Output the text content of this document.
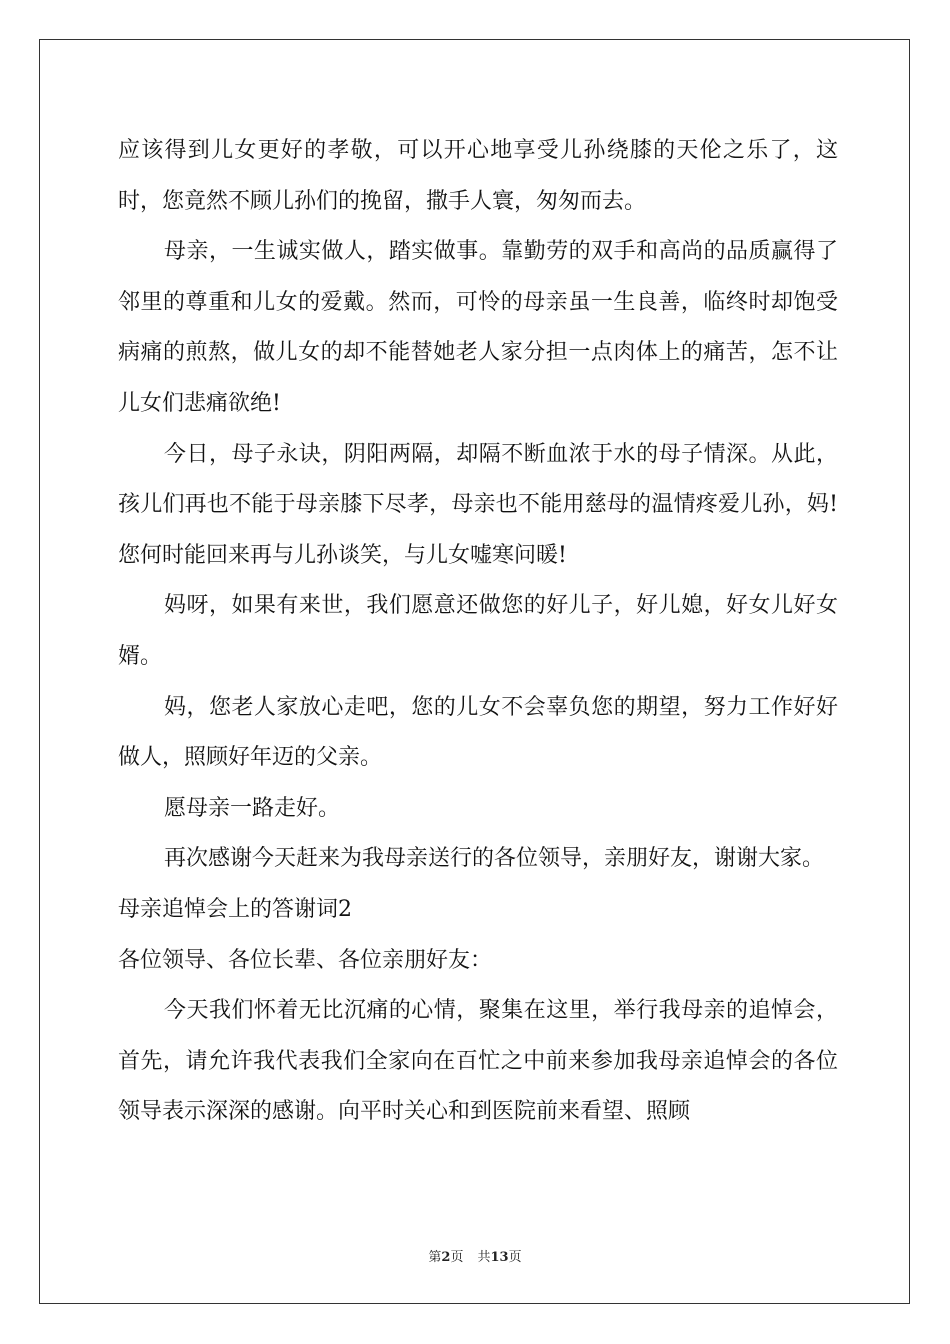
应该得到儿女更好的孝敬，可以开心地享受儿孙绕膝的天伦之乐了，这时，您竟然不顾儿孙们的挽留，撒手人寰，匆匆而去。

母亲，一生诚实做人，踏实做事。靠勤劳的双手和高尚的品质赢得了邻里的尊重和儿女的爱戴。然而，可怜的母亲虽一生良善，临终时却饱受病痛的煎熬，做儿女的却不能替她老人家分担一点肉体上的痛苦，怎不让儿女们悲痛欲绝!

今日，母子永诀，阴阳两隔，却隔不断血浓于水的母子情深。从此，孩儿们再也不能于母亲膝下尽孝，母亲也不能用慈母的温情疼爱儿孙，妈!您何时能回来再与儿孙谈笑，与儿女嘘寒问暖!

妈呀，如果有来世，我们愿意还做您的好儿子，好儿媳，好女儿好女婿。

妈，您老人家放心走吧，您的儿女不会辜负您的期望，努力工作好好做人，照顾好年迈的父亲。

愿母亲一路走好。

再次感谢今天赶来为我母亲送行的各位领导，亲朋好友，谢谢大家。

母亲追悼会上的答谢词2

各位领导、各位长辈、各位亲朋好友：

今天我们怀着无比沉痛的心情，聚集在这里，举行我母亲的追悼会，首先，请允许我代表我们全家向在百忙之中前来参加我母亲追悼会的各位领导表示深深的感谢。向平时关心和到医院前来看望、照顾

第2页 共13页
